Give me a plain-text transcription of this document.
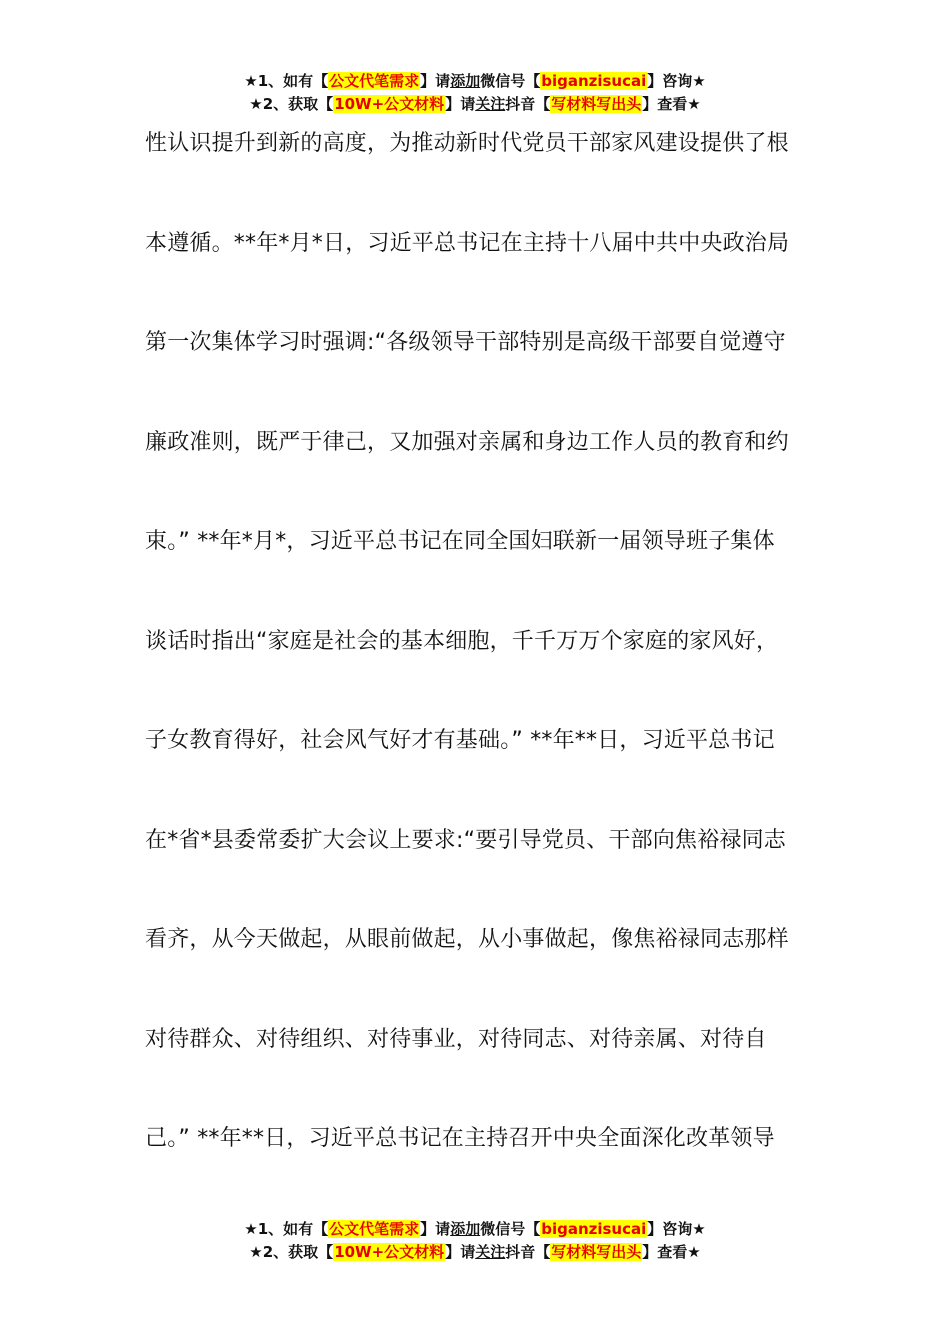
★1、如有【公文代笔需求】请添加微信号【biganzisucai】咨询★
★2、获取【10W+公文材料】请关注抖音【写材料写出头】查看★
性认识提升到新的高度，为推动新时代党员干部家风建设提供了根
本遵循。**年*月*日，习近平总书记在主持十八届中共中央政治局
第一次集体学习时强调:“各级领导干部特别是高级干部要自觉遵守
廉政准则，既严于律己，又加强对亲属和身边工作人员的教育和约
束。” **年*月*，习近平总书记在同全国妇联新一届领导班子集体
谈话时指出“家庭是社会的基本细胞，千千万万个家庭的家风好，
子女教育得好，社会风气好才有基础。” **年**日，习近平总书记
在*省*县委常委扩大会议上要求:“要引导党员、干部向焦裕禄同志
看齐，从今天做起，从眼前做起，从小事做起，像焦裕禄同志那样
对待群众、对待组织、对待事业，对待同志、对待亲属、对待自
己。” **年**日，习近平总书记在主持召开中央全面深化改革领导
★1、如有【公文代笔需求】请添加微信号【biganzisucai】咨询★
★2、获取【10W+公文材料】请关注抖音【写材料写出头】查看★
